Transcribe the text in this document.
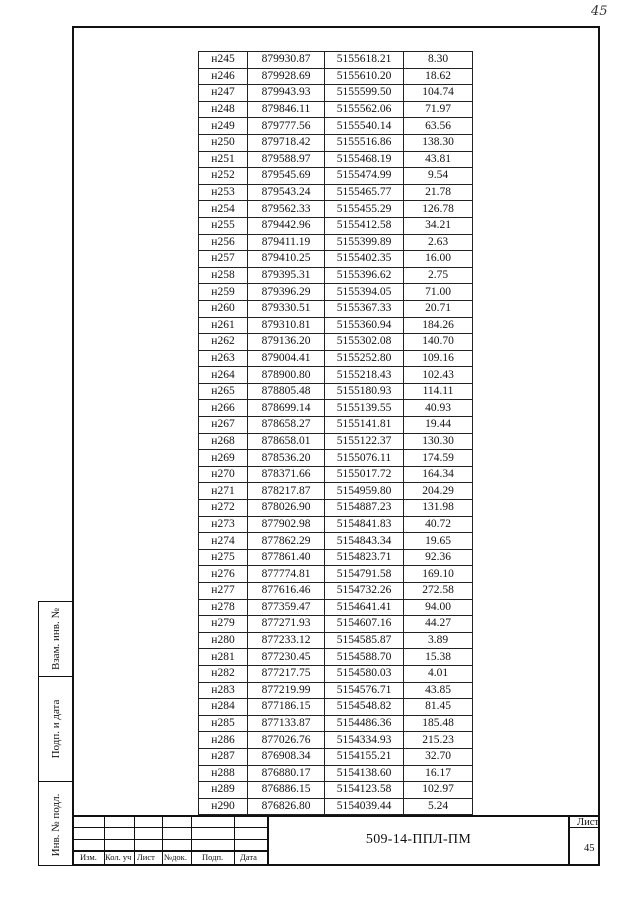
45
Взам. инв. №
Подп. и дата
Инв. № подл.
н245	879930.87	5155618.21	8.30
н246	879928.69	5155610.20	18.62
н247	879943.93	5155599.50	104.74
н248	879846.11	5155562.06	71.97
н249	879777.56	5155540.14	63.56
н250	879718.42	5155516.86	138.30
н251	879588.97	5155468.19	43.81
н252	879545.69	5155474.99	9.54
н253	879543.24	5155465.77	21.78
н254	879562.33	5155455.29	126.78
н255	879442.96	5155412.58	34.21
н256	879411.19	5155399.89	2.63
н257	879410.25	5155402.35	16.00
н258	879395.31	5155396.62	2.75
н259	879396.29	5155394.05	71.00
н260	879330.51	5155367.33	20.71
н261	879310.81	5155360.94	184.26
н262	879136.20	5155302.08	140.70
н263	879004.41	5155252.80	109.16
н264	878900.80	5155218.43	102.43
н265	878805.48	5155180.93	114.11
н266	878699.14	5155139.55	40.93
н267	878658.27	5155141.81	19.44
н268	878658.01	5155122.37	130.30
н269	878536.20	5155076.11	174.59
н270	878371.66	5155017.72	164.34
н271	878217.87	5154959.80	204.29
н272	878026.90	5154887.23	131.98
н273	877902.98	5154841.83	40.72
н274	877862.29	5154843.34	19.65
н275	877861.40	5154823.71	92.36
н276	877774.81	5154791.58	169.10
н277	877616.46	5154732.26	272.58
н278	877359.47	5154641.41	94.00
н279	877271.93	5154607.16	44.27
н280	877233.12	5154585.87	3.89
н281	877230.45	5154588.70	15.38
н282	877217.75	5154580.03	4.01
н283	877219.99	5154576.71	43.85
н284	877186.15	5154548.82	81.45
н285	877133.87	5154486.36	185.48
н286	877026.76	5154334.93	215.23
н287	876908.34	5154155.21	32.70
н288	876880.17	5154138.60	16.17
н289	876886.15	5154123.58	102.97
н290	876826.80	5154039.44	5.24
Изм. Кол. уч Лист №док. Подп. Дата
509-14-ППЛ-ПМ
Лист
45
